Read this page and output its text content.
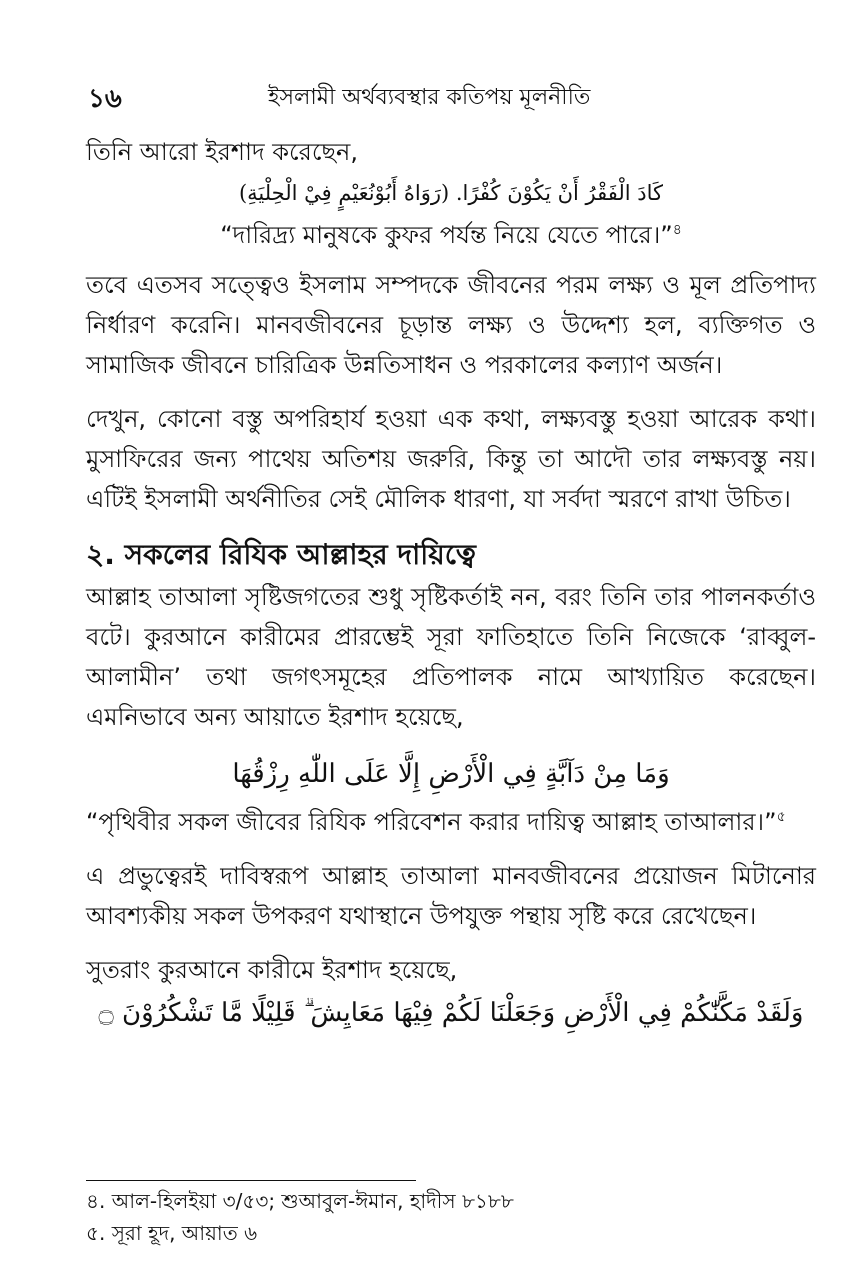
১৬	ইসলামী অর্থব্যবস্থার কতিপয় মূলনীতি

তিনি আরো ইরশাদ করেছেন,

كَادَ الْفَقْرُ أَنْ يَكُوْنَ كُفْرًا. (رَوَاهُ أَبُوْنُعَيْمٍ فِيْ الْحِلْيَةِ)

“দারিদ্র্য মানুষকে কুফর পর্যন্ত নিয়ে যেতে পারে।”$^৪$

তবে এতসব সত্ত্বেও ইসলাম সম্পদকে জীবনের পরম লক্ষ্য ও মূল প্রতিপাদ্য নির্ধারণ করেনি। মানবজীবনের চূড়ান্ত লক্ষ্য ও উদ্দেশ্য হল, ব্যক্তিগত ও সামাজিক জীবনে চারিত্রিক উন্নতিসাধন ও পরকালের কল্যাণ অর্জন।

দেখুন, কোনো বস্তু অপরিহার্য হওয়া এক কথা, লক্ষ্যবস্তু হওয়া আরেক কথা। মুসাফিরের জন্য পাথেয় অতিশয় জরুরি, কিন্তু তা আদৌ তার লক্ষ্যবস্তু নয়। এটিই ইসলামী অর্থনীতির সেই মৌলিক ধারণা, যা সর্বদা স্মরণে রাখা উচিত।

২. সকলের রিযিক আল্লাহর দায়িত্বে

আল্লাহ তাআলা সৃষ্টিজগতের শুধু সৃষ্টিকর্তাই নন, বরং তিনি তার পালনকর্তাও বটে। কুরআনে কারীমের প্রারম্ভেই সূরা ফাতিহাতে তিনি নিজেকে ‘রাব্বুল-আলামীন’ তথা জগৎসমূহের প্রতিপালক নামে আখ্যায়িত করেছেন। এমনিভাবে অন্য আয়াতে ইরশাদ হয়েছে,

وَمَا مِنْ دَآبَّةٍ فِي الْأَرْضِ إِلَّا عَلَى اللّٰهِ رِزْقُهَا

“পৃথিবীর সকল জীবের রিযিক পরিবেশন করার দায়িত্ব আল্লাহ তাআলার।”$^৫$

এ প্রভুত্বেরই দাবিস্বরূপ আল্লাহ তাআলা মানবজীবনের প্রয়োজন মিটানোর আবশ্যকীয় সকল উপকরণ যথাস্থানে উপযুক্ত পন্থায় সৃষ্টি করে রেখেছেন।

সুতরাং কুরআনে কারীমে ইরশাদ হয়েছে,

وَلَقَدْ مَكَّنّٰكُمْ فِي الْأَرْضِ وَجَعَلْنَا لَكُمْ فِيْهَا مَعَايِشَ ۗ قَلِيْلًا مَّا تَشْكُرُوْنَ ۝

৪. আল-হিলইয়া ৩/৫৩; শুআবুল-ঈমান, হাদীস ৮১৮৮

৫. সূরা হূদ, আয়াত ৬
